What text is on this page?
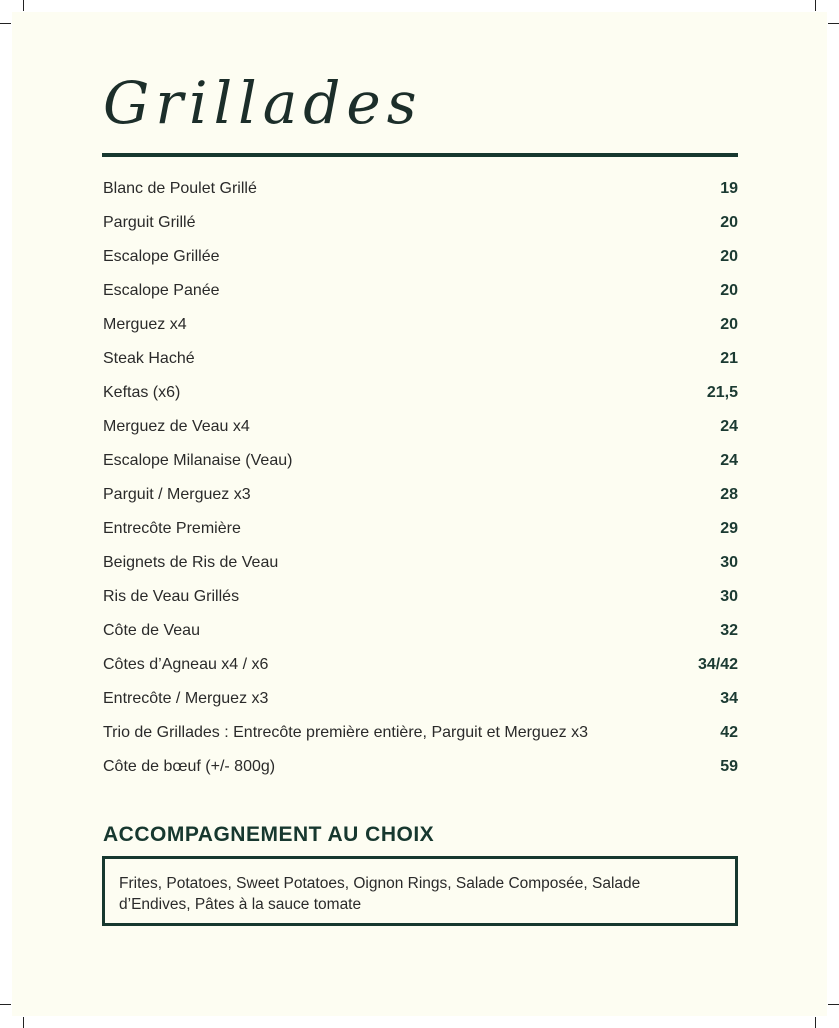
Grillades
Blanc de Poulet Grillé	19
Parguit Grillé	20
Escalope Grillée	20
Escalope Panée	20
Merguez x4	20
Steak Haché	21
Keftas (x6)	21,5
Merguez de Veau x4	24
Escalope Milanaise (Veau)	24
Parguit / Merguez x3	28
Entrecôte Première	29
Beignets de Ris de Veau	30
Ris de Veau Grillés	30
Côte de Veau	32
Côtes d’Agneau x4 / x6	34/42
Entrecôte / Merguez x3	34
Trio de Grillades : Entrecôte première entière, Parguit et Merguez x3	42
Côte de bœuf (+/- 800g)	59
ACCOMPAGNEMENT AU CHOIX
Frites, Potatoes, Sweet Potatoes, Oignon Rings, Salade Composée, Salade d’Endives, Pâtes à la sauce tomate
